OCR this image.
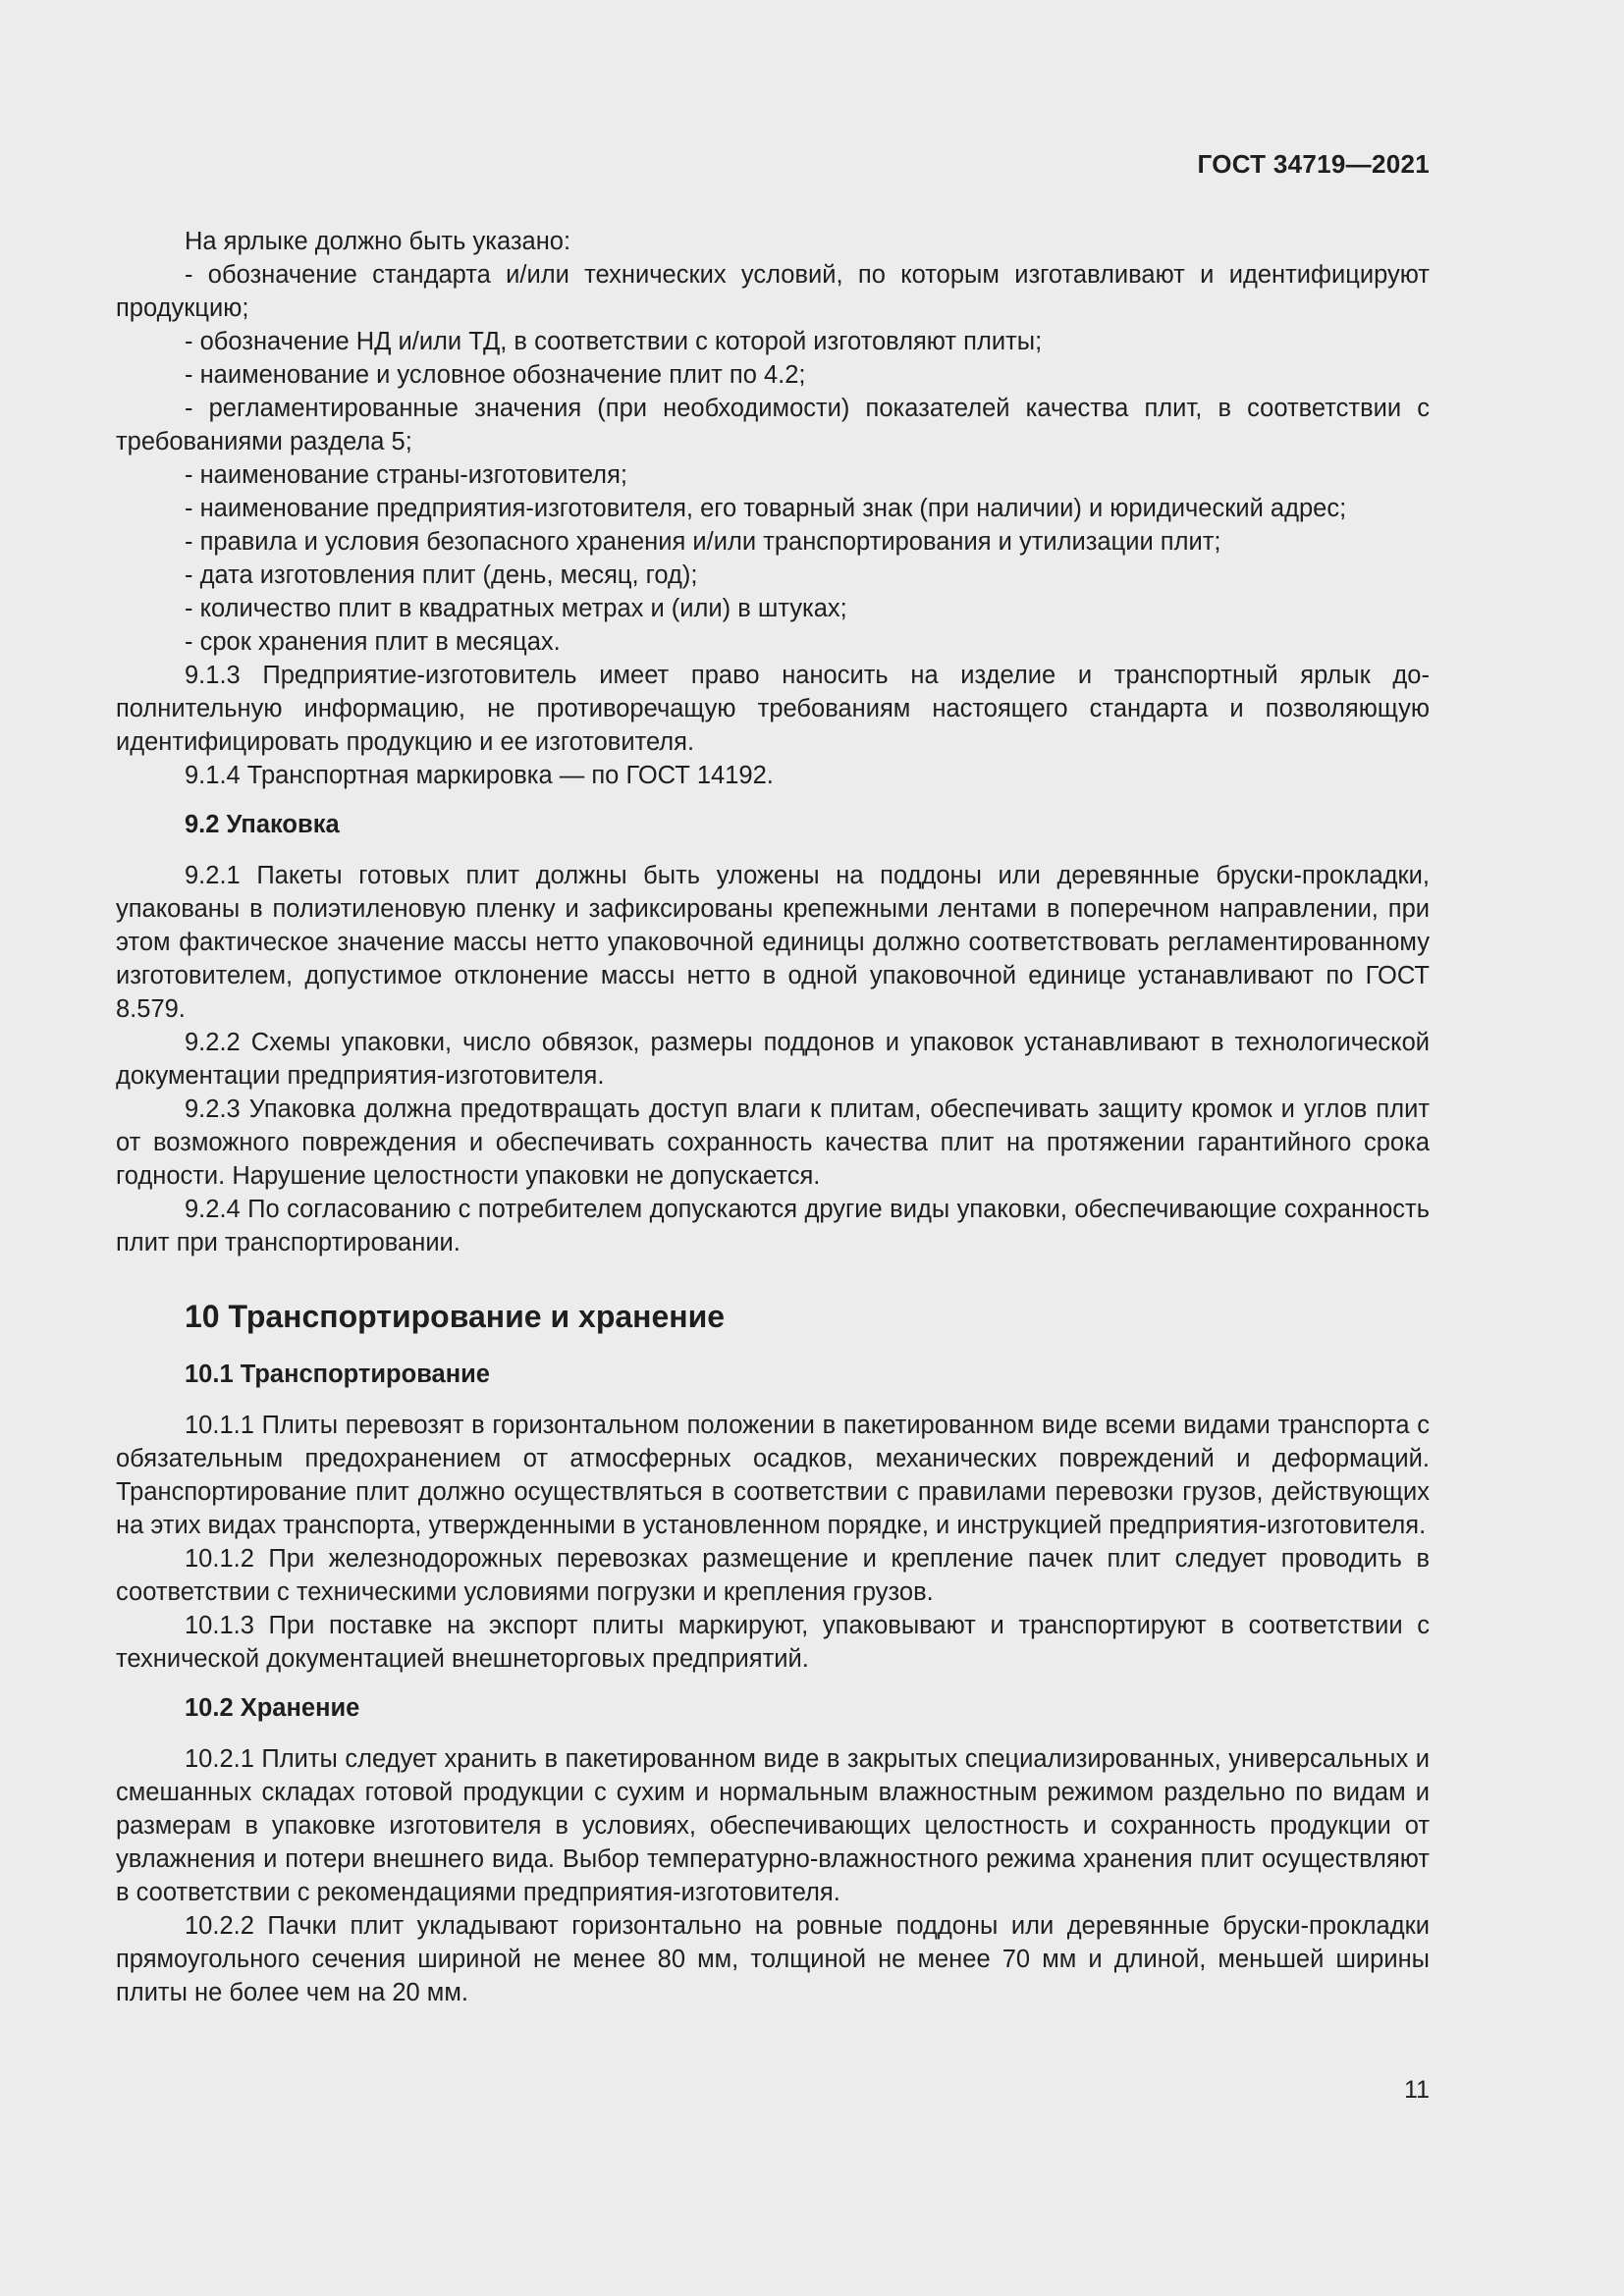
ГОСТ 34719—2021

На ярлыке должно быть указано:

- обозначение стандарта и/или технических условий, по которым изготавливают и идентифицируют продукцию;

- обозначение НД и/или ТД, в соответствии с которой изготовляют плиты;

- наименование и условное обозначение плит по 4.2;

- регламентированные значения (при необходимости) показателей качества плит, в соответствии с требованиями раздела 5;

- наименование страны-изготовителя;

- наименование предприятия-изготовителя, его товарный знак (при наличии) и юридический адрес;

- правила и условия безопасного хранения и/или транспортирования и утилизации плит;

- дата изготовления плит (день, месяц, год);

- количество плит в квадратных метрах и (или) в штуках;

- срок хранения плит в месяцах.

9.1.3 Предприятие-изготовитель имеет право наносить на изделие и транспортный ярлык дополнительную информацию, не противоречащую требованиям настоящего стандарта и позволяющую идентифицировать продукцию и ее изготовителя.

9.1.4 Транспортная маркировка — по ГОСТ 14192.

9.2 Упаковка

9.2.1 Пакеты готовых плит должны быть уложены на поддоны или деревянные бруски-прокладки, упакованы в полиэтиленовую пленку и зафиксированы крепежными лентами в поперечном направлении, при этом фактическое значение массы нетто упаковочной единицы должно соответствовать регламентированному изготовителем, допустимое отклонение массы нетто в одной упаковочной единице устанавливают по ГОСТ 8.579.

9.2.2 Схемы упаковки, число обвязок, размеры поддонов и упаковок устанавливают в технологической документации предприятия-изготовителя.

9.2.3 Упаковка должна предотвращать доступ влаги к плитам, обеспечивать защиту кромок и углов плит от возможного повреждения и обеспечивать сохранность качества плит на протяжении гарантийного срока годности. Нарушение целостности упаковки не допускается.

9.2.4 По согласованию с потребителем допускаются другие виды упаковки, обеспечивающие сохранность плит при транспортировании.

10 Транспортирование и хранение

10.1 Транспортирование

10.1.1 Плиты перевозят в горизонтальном положении в пакетированном виде всеми видами транспорта с обязательным предохранением от атмосферных осадков, механических повреждений и деформаций. Транспортирование плит должно осуществляться в соответствии с правилами перевозки грузов, действующих на этих видах транспорта, утвержденными в установленном порядке, и инструкцией предприятия-изготовителя.

10.1.2 При железнодорожных перевозках размещение и крепление пачек плит следует проводить в соответствии с техническими условиями погрузки и крепления грузов.

10.1.3 При поставке на экспорт плиты маркируют, упаковывают и транспортируют в соответствии с технической документацией внешнеторговых предприятий.

10.2 Хранение

10.2.1 Плиты следует хранить в пакетированном виде в закрытых специализированных, универсальных и смешанных складах готовой продукции с сухим и нормальным влажностным режимом раздельно по видам и размерам в упаковке изготовителя в условиях, обеспечивающих целостность и сохранность продукции от увлажнения и потери внешнего вида. Выбор температурно-влажностного режима хранения плит осуществляют в соответствии с рекомендациями предприятия-изготовителя.

10.2.2 Пачки плит укладывают горизонтально на ровные поддоны или деревянные бруски-прокладки прямоугольного сечения шириной не менее 80 мм, толщиной не менее 70 мм и длиной, меньшей ширины плиты не более чем на 20 мм.

11
